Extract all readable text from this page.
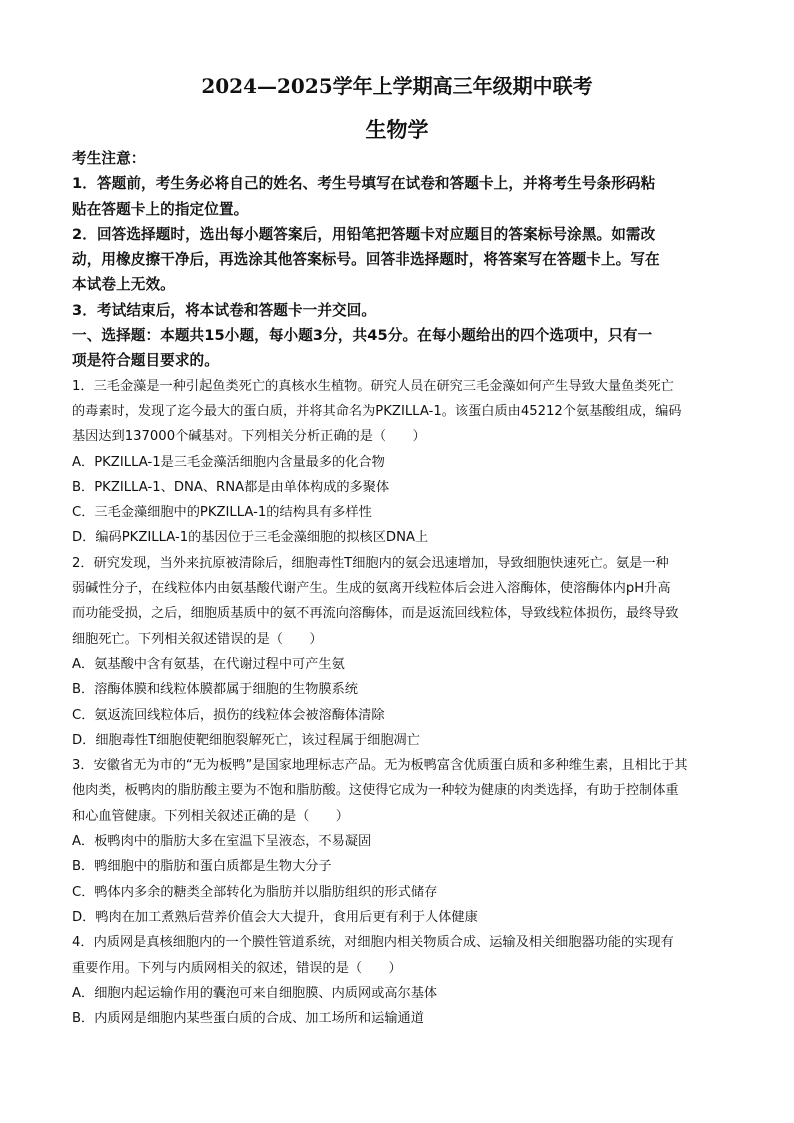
2024—2025学年上学期高三年级期中联考
生物学
考生注意：
1．答题前，考生务必将自己的姓名、考生号填写在试卷和答题卡上，并将考生号条形码粘
贴在答题卡上的指定位置。
2．回答选择题时，选出每小题答案后，用铅笔把答题卡对应题目的答案标号涂黑。如需改
动，用橡皮擦干净后，再选涂其他答案标号。回答非选择题时，将答案写在答题卡上。写在
本试卷上无效。
3．考试结束后，将本试卷和答题卡一并交回。
一、选择题：本题共15小题，每小题3分，共45分。在每小题给出的四个选项中，只有一
项是符合题目要求的。
1．三毛金藻是一种引起鱼类死亡的真核水生植物。研究人员在研究三毛金藻如何产生导致大量鱼类死亡
的毒素时，发现了迄今最大的蛋白质，并将其命名为PKZILLA-1。该蛋白质由45212个氨基酸组成，编码
基因达到137000个碱基对。下列相关分析正确的是（　　）
A．PKZILLA-1是三毛金藻活细胞内含量最多的化合物
B．PKZILLA-1、DNA、RNA都是由单体构成的多聚体
C．三毛金藻细胞中的PKZILLA-1的结构具有多样性
D．编码PKZILLA-1的基因位于三毛金藻细胞的拟核区DNA上
2．研究发现，当外来抗原被清除后，细胞毒性T细胞内的氨会迅速增加，导致细胞快速死亡。氨是一种
弱碱性分子，在线粒体内由氨基酸代谢产生。生成的氨离开线粒体后会进入溶酶体，使溶酶体内pH升高
而功能受损，之后，细胞质基质中的氨不再流向溶酶体，而是返流回线粒体，导致线粒体损伤，最终导致
细胞死亡。下列相关叙述错误的是（　　）
A．氨基酸中含有氨基，在代谢过程中可产生氨
B．溶酶体膜和线粒体膜都属于细胞的生物膜系统
C．氨返流回线粒体后，损伤的线粒体会被溶酶体清除
D．细胞毒性T细胞使靶细胞裂解死亡，该过程属于细胞凋亡
3．安徽省无为市的“无为板鸭”是国家地理标志产品。无为板鸭富含优质蛋白质和多种维生素，且相比于其
他肉类，板鸭肉的脂肪酸主要为不饱和脂肪酸。这使得它成为一种较为健康的肉类选择，有助于控制体重
和心血管健康。下列相关叙述正确的是（　　）
A．板鸭肉中的脂肪大多在室温下呈液态，不易凝固
B．鸭细胞中的脂肪和蛋白质都是生物大分子
C．鸭体内多余的糖类全部转化为脂肪并以脂肪组织的形式储存
D．鸭肉在加工煮熟后营养价值会大大提升，食用后更有利于人体健康
4．内质网是真核细胞内的一个膜性管道系统，对细胞内相关物质合成、运输及相关细胞器功能的实现有
重要作用。下列与内质网相关的叙述，错误的是（　　）
A．细胞内起运输作用的囊泡可来自细胞膜、内质网或高尔基体
B．内质网是细胞内某些蛋白质的合成、加工场所和运输通道
